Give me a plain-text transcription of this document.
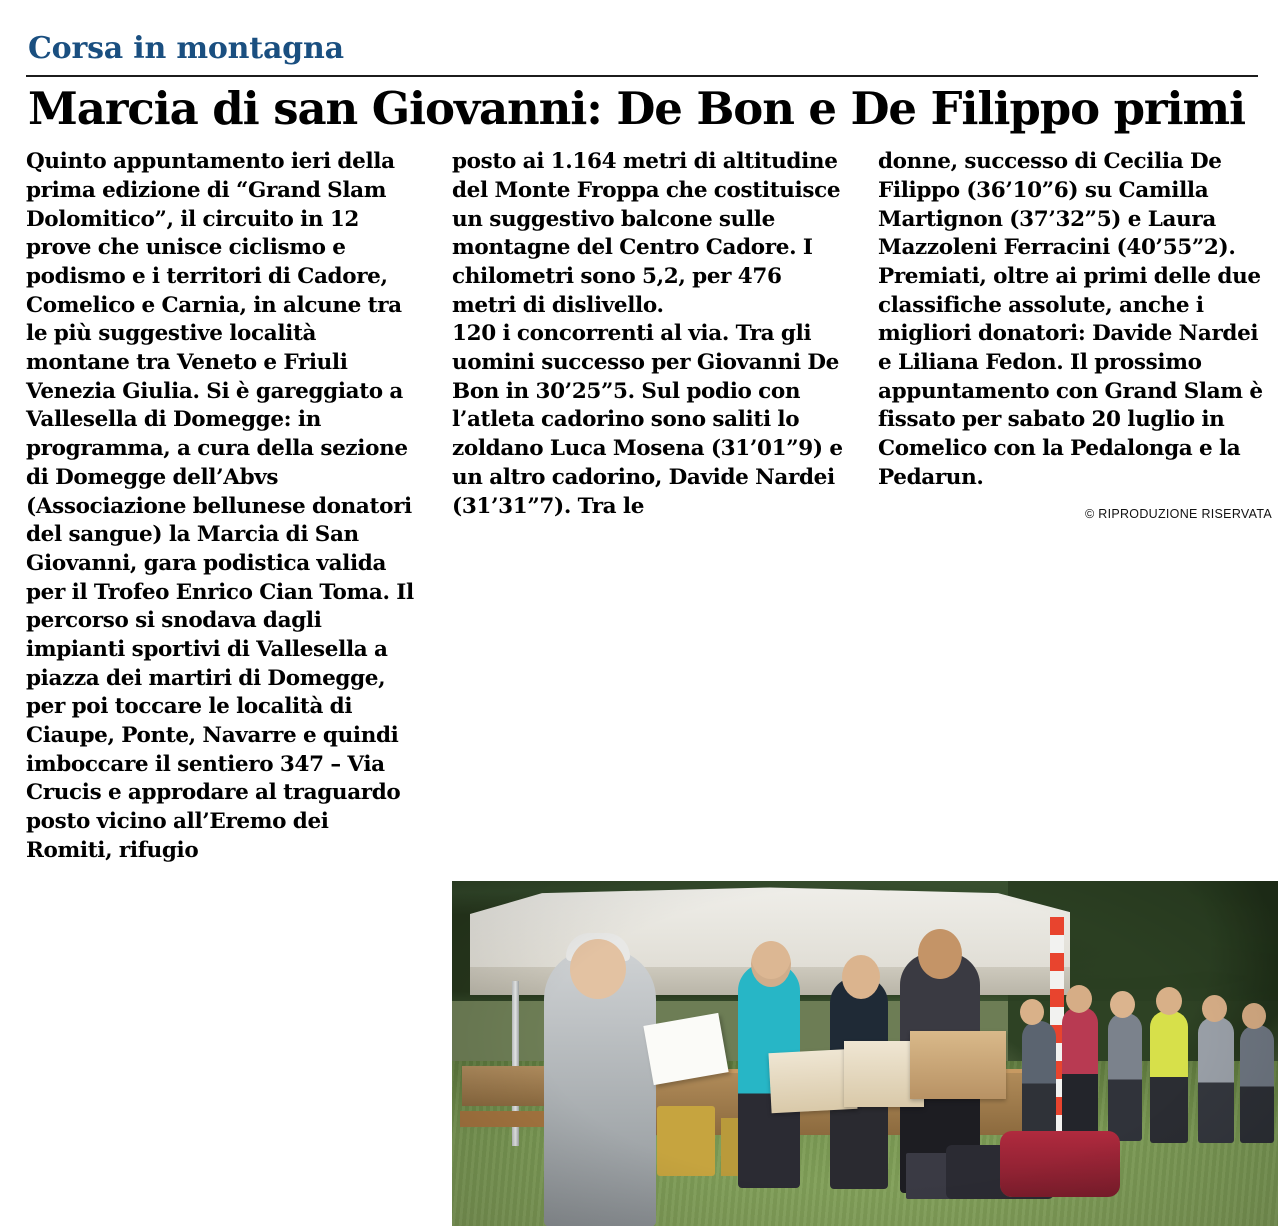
Corsa in montagna
Marcia di san Giovanni: De Bon e De Filippo primi

Quinto appuntamento ieri della prima edizione di “Grand Slam Dolomitico”, il circuito in 12 prove che unisce ciclismo e podismo e i territori di Cadore, Comelico e Carnia, in alcune tra le più suggestive località montane tra Veneto e Friuli Venezia Giulia. Si è gareggiato a Vallesella di Domegge: in programma, a cura della sezione di Domegge dell’Abvs (Associazione bellunese donatori del sangue) la Marcia di San Giovanni, gara podistica valida per il Trofeo Enrico Cian Toma. Il percorso si snodava dagli impianti sportivi di Vallesella a piazza dei martiri di Domegge, per poi toccare le località di Ciaupe, Ponte, Navarre e quindi imboccare il sentiero 347 – Via Crucis e approdare al traguardo posto vicino all’Eremo dei Romiti, rifugio

posto ai 1.164 metri di altitudine del Monte Froppa che costituisce un suggestivo balcone sulle montagne del Centro Cadore. I chilometri sono 5,2, per 476 metri di dislivello.

120 i concorrenti al via. Tra gli uomini successo per Giovanni De Bon in 30’25”5. Sul podio con l’atleta cadorino sono saliti lo zoldano Luca Mosena (31’01”9) e un altro cadorino, Davide Nardei (31’31”7). Tra le

donne, successo di Cecilia De Filippo (36’10”6) su Camilla Martignon (37’32”5) e Laura Mazzoleni Ferracini (40’55”2).

Premiati, oltre ai primi delle due classifiche assolute, anche i migliori donatori: Davide Nardei e Liliana Fedon. Il prossimo appuntamento con Grand Slam è fissato per sabato 20 luglio in Comelico con la Pedalonga e la Pedarun.

© RIPRODUZIONE RISERVATA
